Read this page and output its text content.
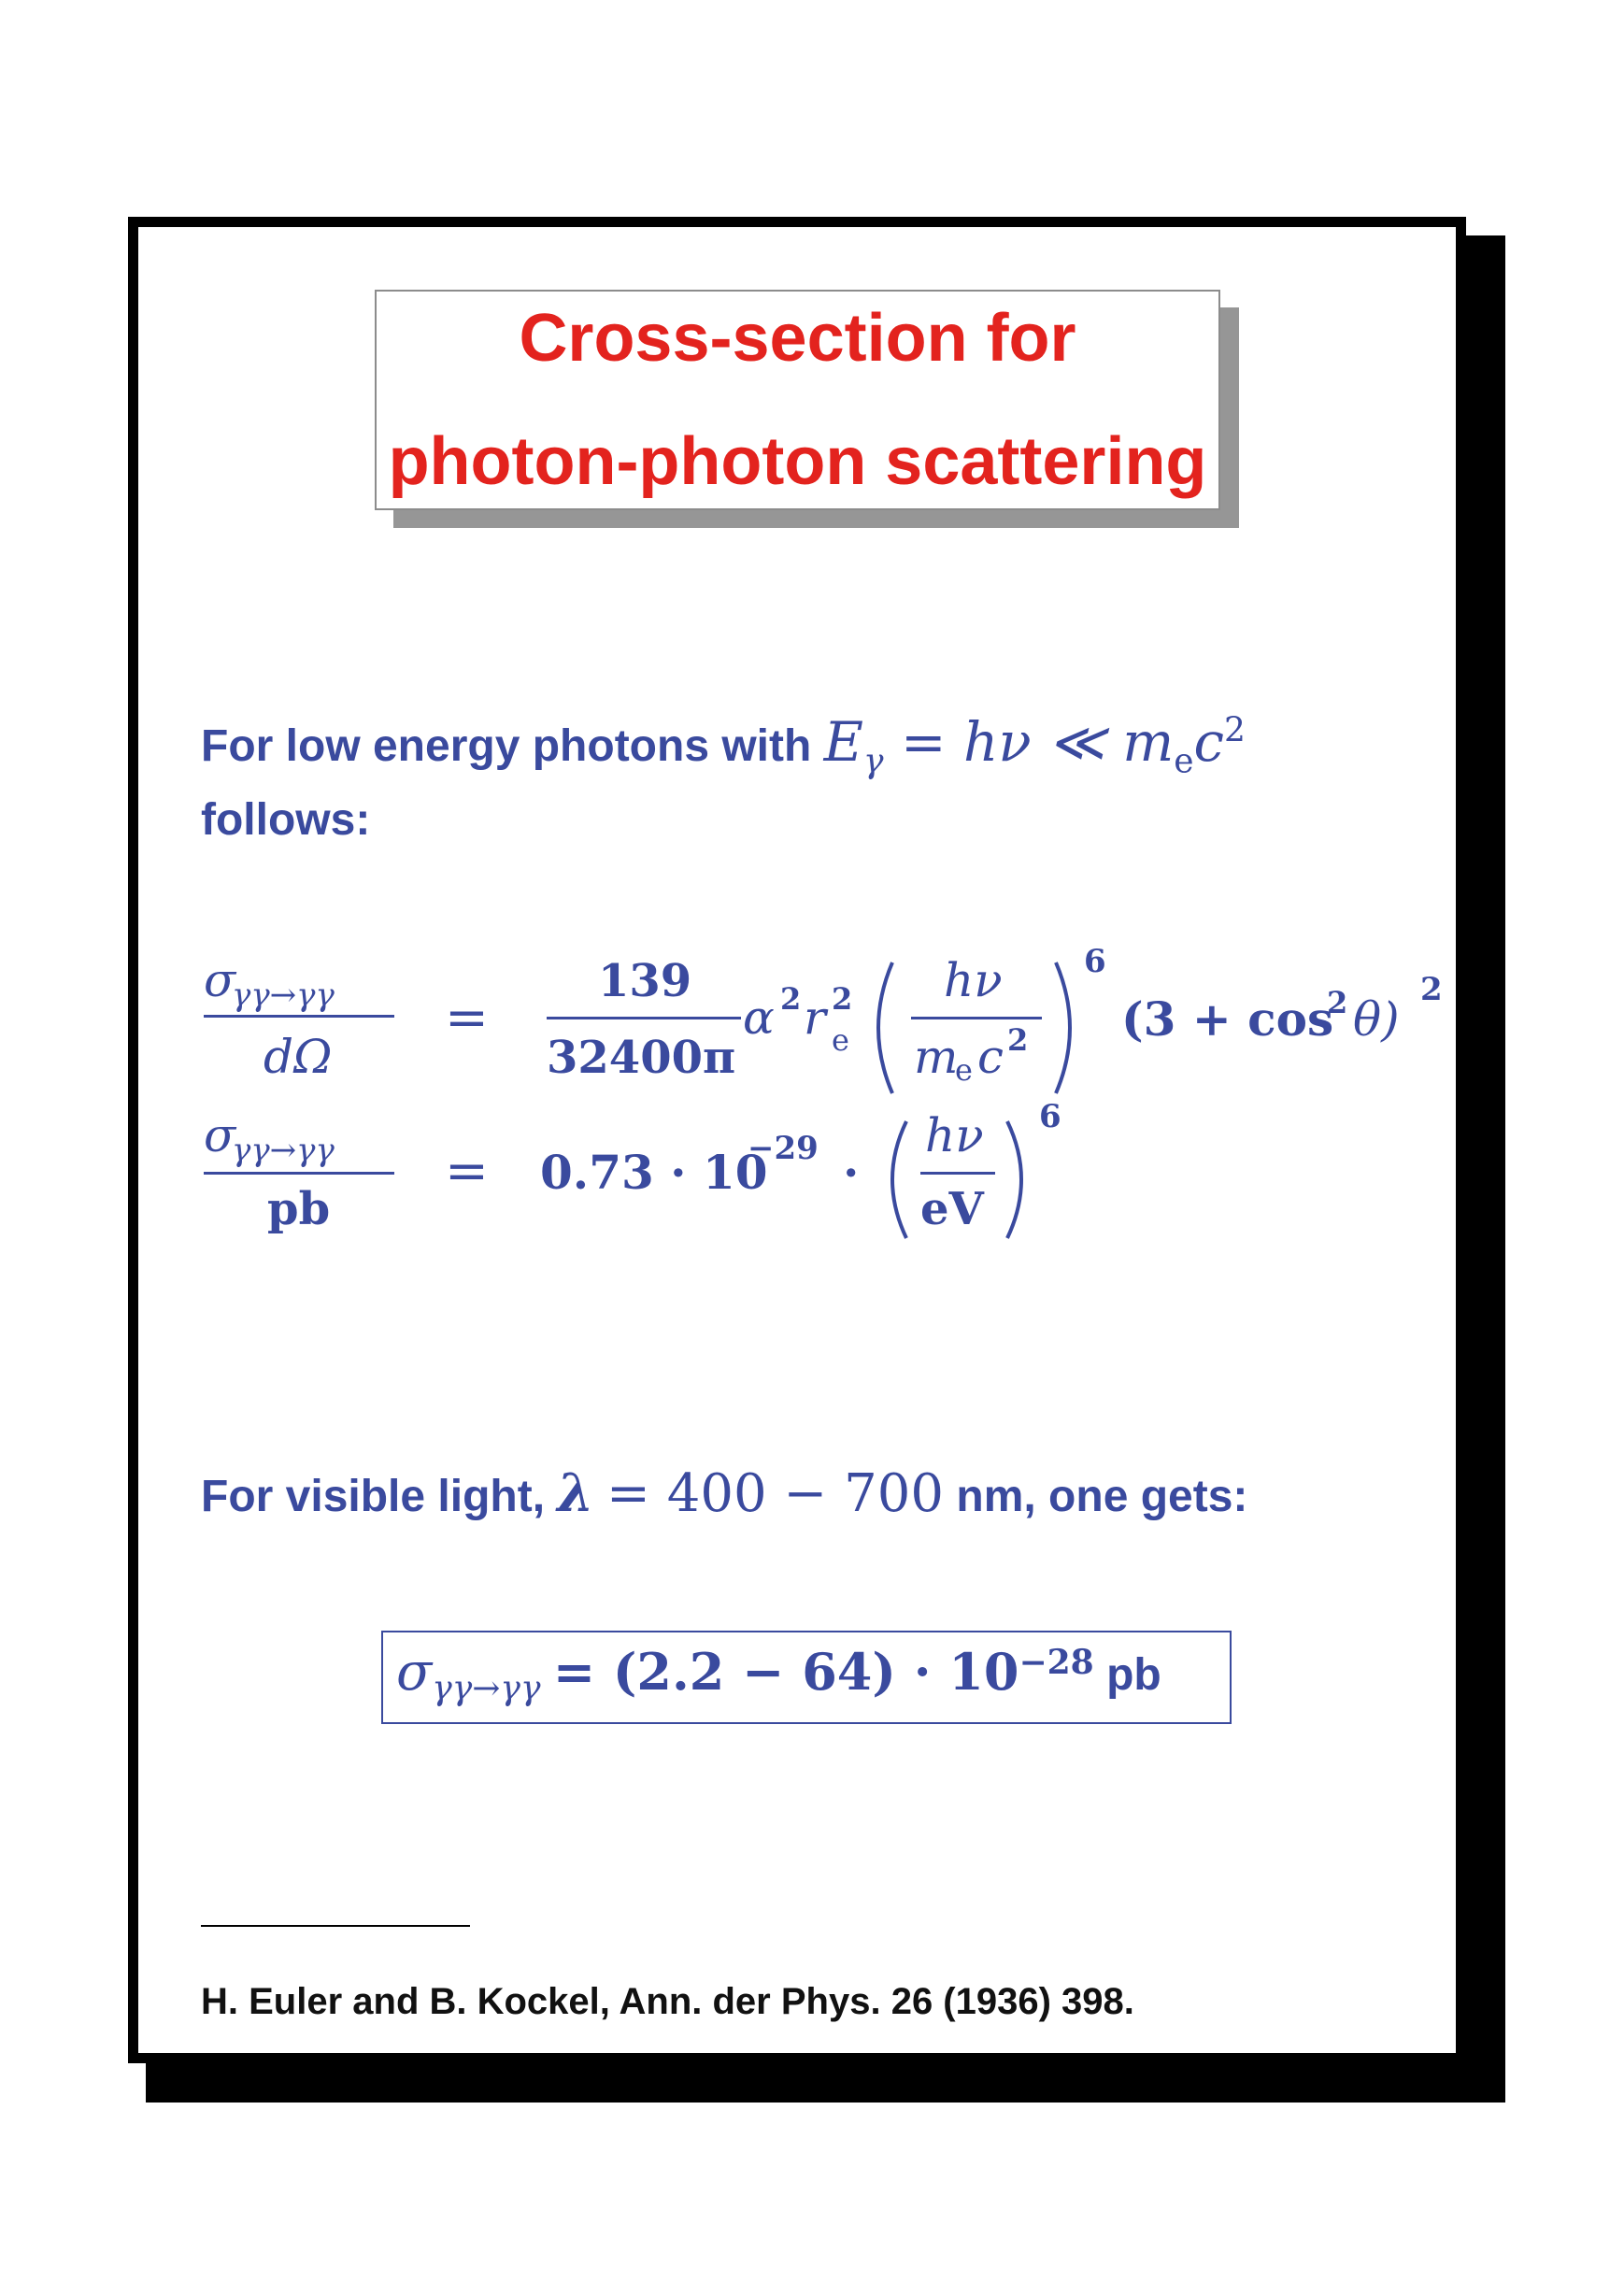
Cross-section for
photon-photon scattering
For low energy photons with $E_\gamma = h\nu$ ≪ $m_ec^2$
follows:
σ
γγ→γγ
dΩ
=
139
32400π
α 2 r 2
e
hν
m
e c 2
6
(3 + cos
2 θ)
2
σ
γγ→γγ
pb
= 0.73 · 10
−29 ·
hν
eV
6
For visible light, λ = 400 − 700 nm, one gets:
$\sigma_{\gamma\gamma\to\gamma\gamma} = (2.2 - 64) \cdot 10^{-28}$ pb
H. Euler and B. Kockel, Ann. der Phys. 26 (1936) 398.
